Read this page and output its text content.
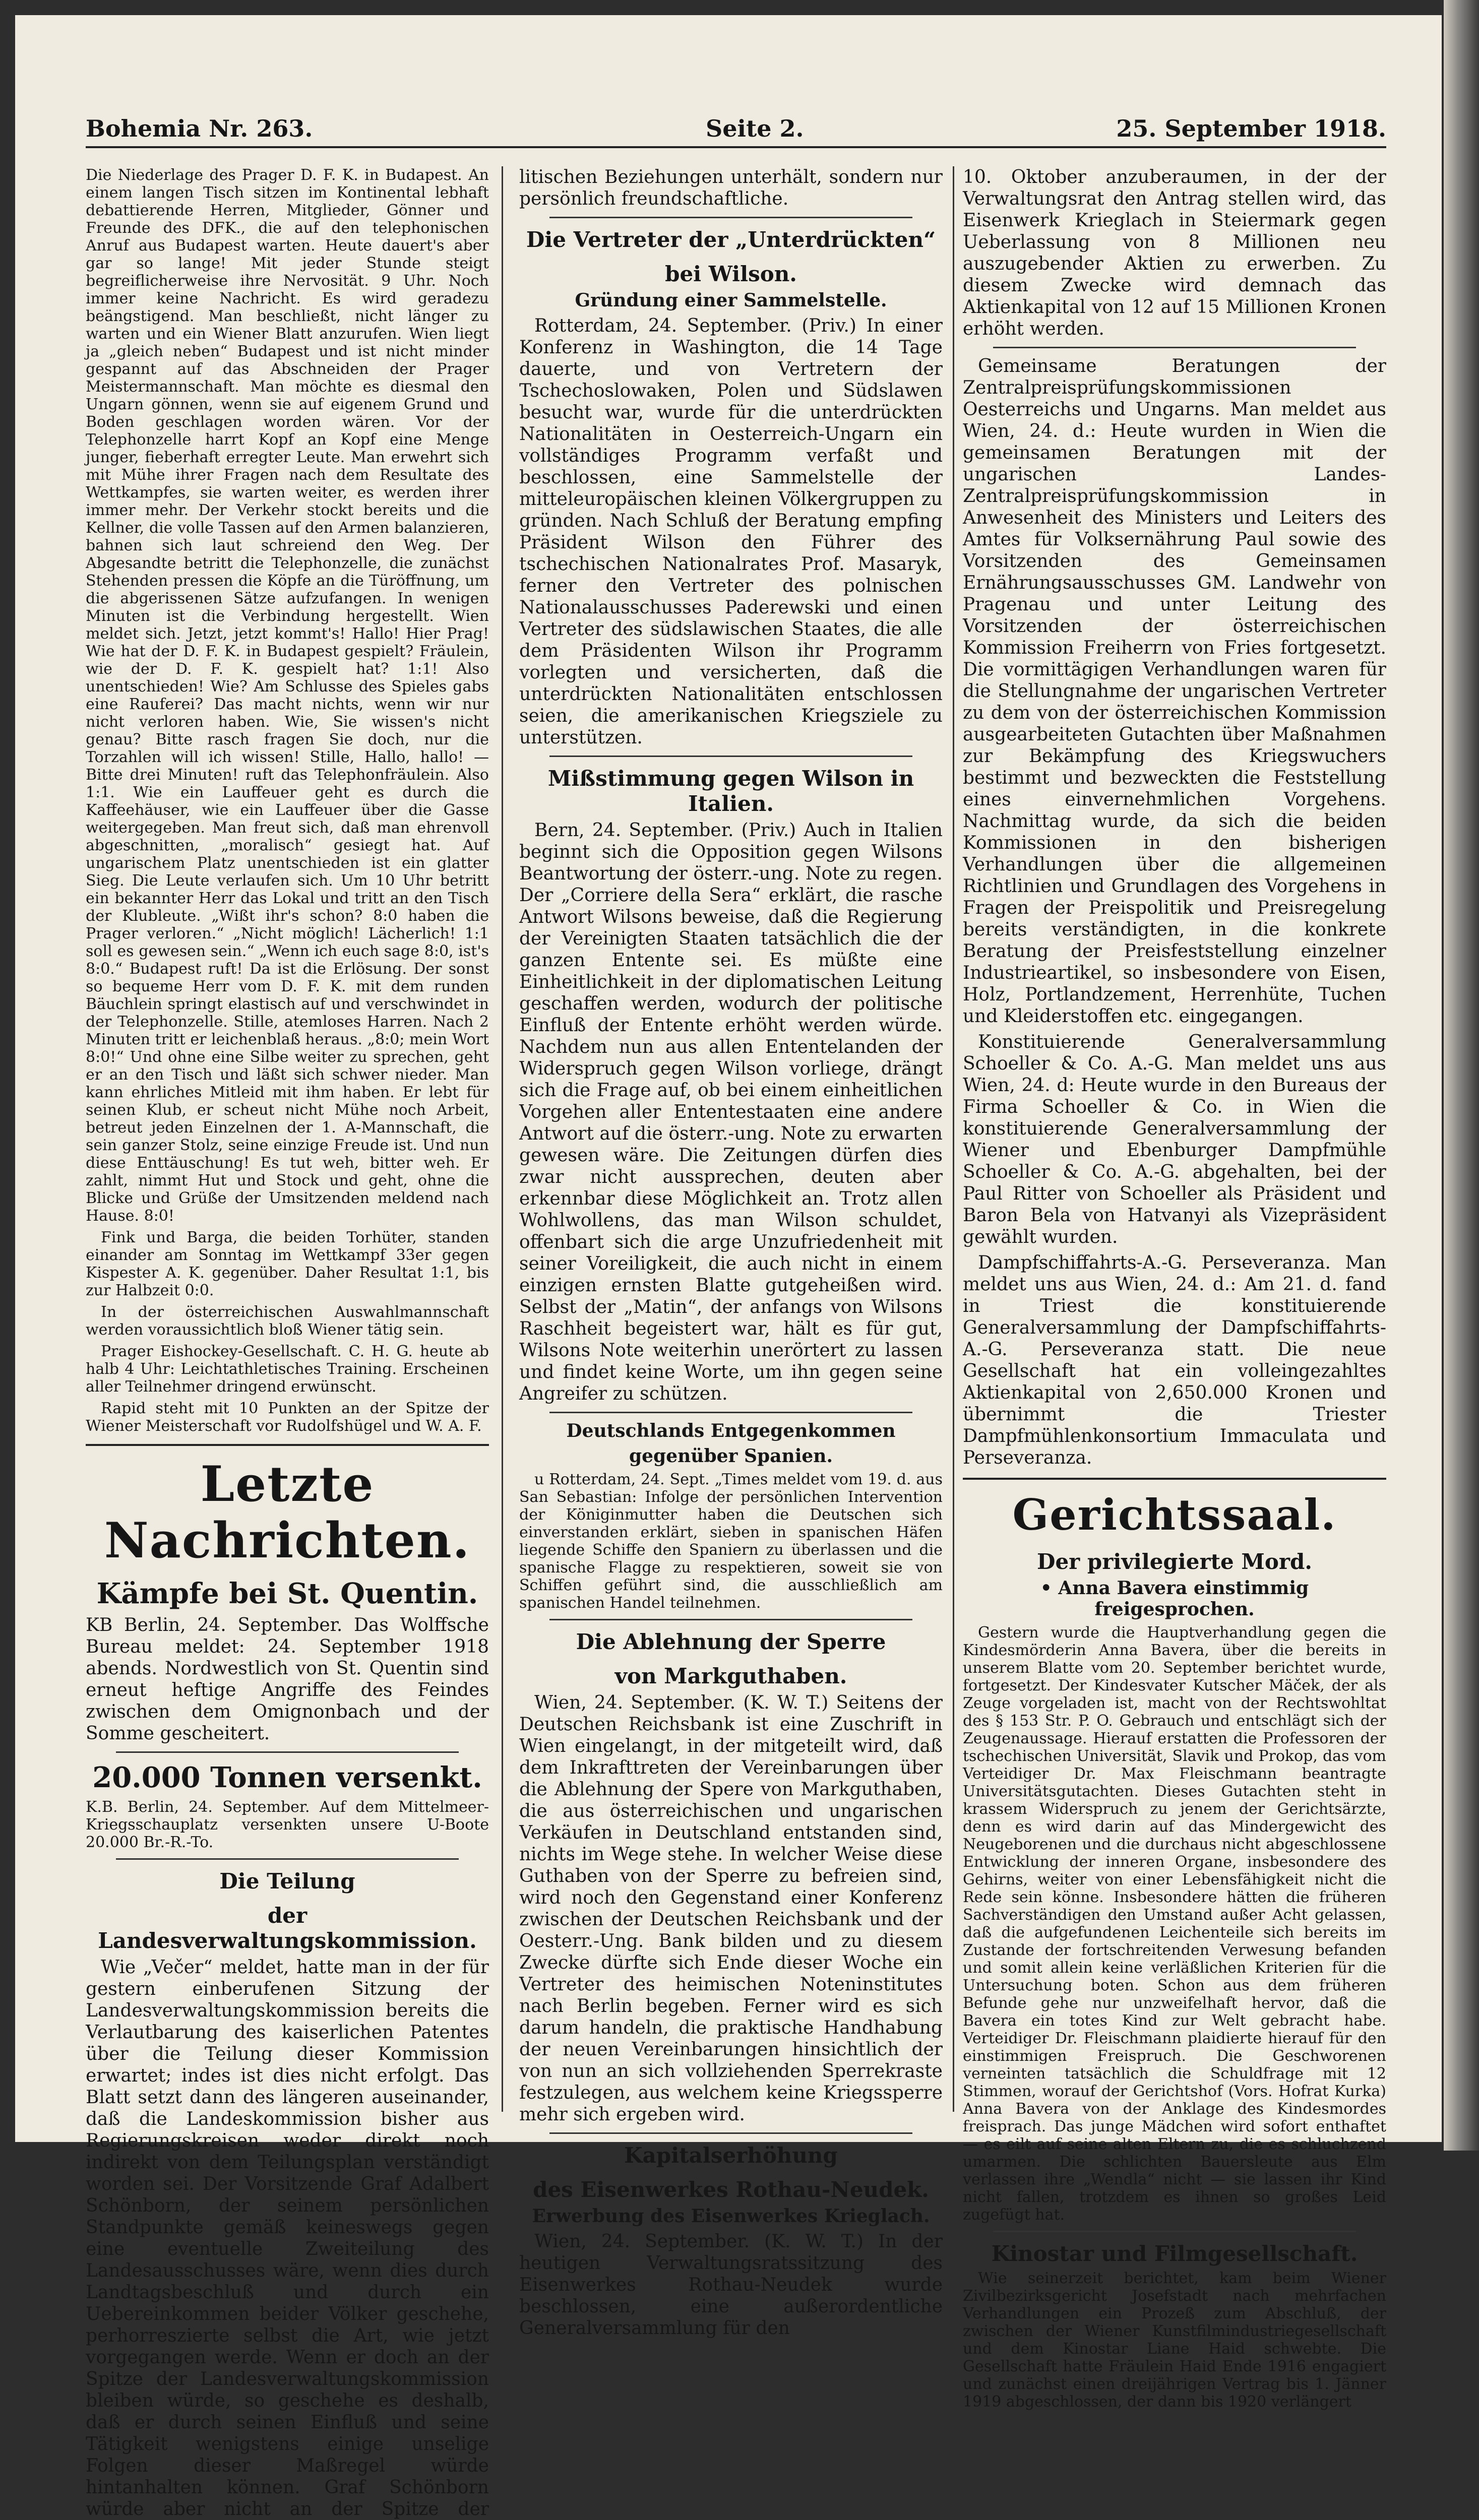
Bohemia Nr. 263.	Seite 2.	25. September 1918.

Die Niederlage des Prager D. F. K. in Budapest. An einem langen Tisch sitzen im Kontinental lebhaft debattierende Herren, Mitglieder, Gönner und Freunde des DFK., die auf den telephonischen Anruf aus Budapest warten. Heute dauert's aber gar so lange! Mit jeder Stunde steigt begreiflicherweise ihre Nervosität. 9 Uhr. Noch immer keine Nachricht. Es wird geradezu beängstigend. Man beschließt, nicht länger zu warten und ein Wiener Blatt anzurufen. Wien liegt ja „gleich neben“ Budapest und ist nicht minder gespannt auf das Abschneiden der Prager Meistermannschaft. Man möchte es diesmal den Ungarn gönnen, wenn sie auf eigenem Grund und Boden geschlagen worden wären. Vor der Telephonzelle harrt Kopf an Kopf eine Menge junger, fieberhaft erregter Leute. Man erwehrt sich mit Mühe ihrer Fragen nach dem Resultate des Wettkampfes, sie warten weiter, es werden ihrer immer mehr. Der Verkehr stockt bereits und die Kellner, die volle Tassen auf den Armen balanzieren, bahnen sich laut schreiend den Weg. Der Abgesandte betritt die Telephonzelle, die zunächst Stehenden pressen die Köpfe an die Türöffnung, um die abgerissenen Sätze aufzufangen. In wenigen Minuten ist die Verbindung hergestellt. Wien meldet sich. Jetzt, jetzt kommt's! Hallo! Hier Prag! Wie hat der D. F. K. in Budapest gespielt? Fräulein, wie der D. F. K. gespielt hat? 1:1! Also unentschieden! Wie? Am Schlusse des Spieles gabs eine Rauferei? Das macht nichts, wenn wir nur nicht verloren haben. Wie, Sie wissen's nicht genau? Bitte rasch fragen Sie doch, nur die Torzahlen will ich wissen! Stille, Hallo, hallo! — Bitte drei Minuten! ruft das Telephonfräulein. Also 1:1. Wie ein Lauffeuer geht es durch die Kaffeehäuser, wie ein Lauffeuer über die Gasse weitergegeben. Man freut sich, daß man ehrenvoll abgeschnitten, „moralisch“ gesiegt hat. Auf ungarischem Platz unentschieden ist ein glatter Sieg. Die Leute verlaufen sich. Um 10 Uhr betritt ein bekannter Herr das Lokal und tritt an den Tisch der Klubleute. „Wißt ihr's schon? 8:0 haben die Prager verloren.“ „Nicht möglich! Lächerlich! 1:1 soll es gewesen sein.“ „Wenn ich euch sage 8:0, ist's 8:0.“ Budapest ruft! Da ist die Erlösung. Der sonst so bequeme Herr vom D. F. K. mit dem runden Bäuchlein springt elastisch auf und verschwindet in der Telephonzelle. Stille, atemloses Harren. Nach 2 Minuten tritt er leichenblaß heraus. „8:0; mein Wort 8:0!“ Und ohne eine Silbe weiter zu sprechen, geht er an den Tisch und läßt sich schwer nieder. Man kann ehrliches Mitleid mit ihm haben. Er lebt für seinen Klub, er scheut nicht Mühe noch Arbeit, betreut jeden Einzelnen der 1. A-Mannschaft, die sein ganzer Stolz, seine einzige Freude ist. Und nun diese Enttäuschung! Es tut weh, bitter weh. Er zahlt, nimmt Hut und Stock und geht, ohne die Blicke und Grüße der Umsitzenden meldend nach Hause. 8:0!

Fink und Barga, die beiden Torhüter, standen einander am Sonntag im Wettkampf 33er gegen Kispester A. K. gegenüber. Daher Resultat 1:1, bis zur Halbzeit 0:0.

In der österreichischen Auswahlmannschaft werden voraussichtlich bloß Wiener tätig sein.

Prager Eishockey-Gesellschaft. C. H. G. heute ab halb 4 Uhr: Leichtathletisches Training. Erscheinen aller Teilnehmer dringend erwünscht.

Rapid steht mit 10 Punkten an der Spitze der Wiener Meisterschaft vor Rudolfshügel und W. A. F.

Letzte Nachrichten.
Kämpfe bei St. Quentin.

KB Berlin, 24. September. Das Wolffsche Bureau meldet: 24. September 1918 abends. Nordwestlich von St. Quentin sind erneut heftige Angriffe des Feindes zwischen dem Omignonbach und der Somme gescheitert.

20.000 Tonnen versenkt.

K.B. Berlin, 24. September. Auf dem Mittelmeer-Kriegsschauplatz versenkten unsere U-Boote 20.000 Br.-R.-To.

Die Teilung
der Landesverwaltungskommission.

Wie „Večer“ meldet, hatte man in der für gestern einberufenen Sitzung der Landesverwaltungskommission bereits die Verlautbarung des kaiserlichen Patentes über die Teilung dieser Kommission erwartet; indes ist dies nicht erfolgt. Das Blatt setzt dann des längeren auseinander, daß die Landeskommission bisher aus Regierungskreisen weder direkt noch indirekt von dem Teilungsplan verständigt worden sei. Der Vorsitzende Graf Adalbert Schönborn, der seinem persönlichen Standpunkte gemäß keineswegs gegen eine eventuelle Zweiteilung des Landesausschusses wäre, wenn dies durch Landtagsbeschluß und durch ein Uebereinkommen beider Völker geschehe, perhorreszierte selbst die Art, wie jetzt vorgegangen werde. Wenn er doch an der Spitze der Landesverwaltungskommission bleiben würde, so geschehe es deshalb, daß er durch seinen Einfluß und seine Tätigkeit wenigstens einige unselige Folgen dieser Maßregel würde hintanhalten können. Graf Schönborn würde aber nicht an der Spitze der

litischen Beziehungen unterhält, sondern nur persönlich freundschaftliche.

Die Vertreter der „Unterdrückten“
bei Wilson.
Gründung einer Sammelstelle.

Rotterdam, 24. September. (Priv.) In einer Konferenz in Washington, die 14 Tage dauerte, und von Vertretern der Tschechoslowaken, Polen und Südslawen besucht war, wurde für die unterdrückten Nationalitäten in Oesterreich-Ungarn ein vollständiges Programm verfaßt und beschlossen, eine Sammelstelle der mitteleuropäischen kleinen Völkergruppen zu gründen. Nach Schluß der Beratung empfing Präsident Wilson den Führer des tschechischen Nationalrates Prof. Masaryk, ferner den Vertreter des polnischen Nationalausschusses Paderewski und einen Vertreter des südslawischen Staates, die alle dem Präsidenten Wilson ihr Programm vorlegten und versicherten, daß die unterdrückten Nationalitäten entschlossen seien, die amerikanischen Kriegsziele zu unterstützen.

Mißstimmung gegen Wilson in Italien.

Bern, 24. September. (Priv.) Auch in Italien beginnt sich die Opposition gegen Wilsons Beantwortung der österr.-ung. Note zu regen. Der „Corriere della Sera“ erklärt, die rasche Antwort Wilsons beweise, daß die Regierung der Vereinigten Staaten tatsächlich die der ganzen Entente sei. Es müßte eine Einheitlichkeit in der diplomatischen Leitung geschaffen werden, wodurch der politische Einfluß der Entente erhöht werden würde. Nachdem nun aus allen Ententelanden der Widerspruch gegen Wilson vorliege, drängt sich die Frage auf, ob bei einem einheitlichen Vorgehen aller Ententestaaten eine andere Antwort auf die österr.-ung. Note zu erwarten gewesen wäre. Die Zeitungen dürfen dies zwar nicht aussprechen, deuten aber erkennbar diese Möglichkeit an. Trotz allen Wohlwollens, das man Wilson schuldet, offenbart sich die arge Unzufriedenheit mit seiner Voreiligkeit, die auch nicht in einem einzigen ernsten Blatte gutgeheißen wird. Selbst der „Matin“, der anfangs von Wilsons Raschheit begeistert war, hält es für gut, Wilsons Note weiterhin unerörtert zu lassen und findet keine Worte, um ihn gegen seine Angreifer zu schützen.

Deutschlands Entgegenkommen
gegenüber Spanien.

u Rotterdam, 24. Sept. „Times meldet vom 19. d. aus San Sebastian: Infolge der persönlichen Intervention der Königinmutter haben die Deutschen sich einverstanden erklärt, sieben in spanischen Häfen liegende Schiffe den Spaniern zu überlassen und die spanische Flagge zu respektieren, soweit sie von Schiffen geführt sind, die ausschließlich am spanischen Handel teilnehmen.

Die Ablehnung der Sperre
von Markguthaben.

Wien, 24. September. (K. W. T.) Seitens der Deutschen Reichsbank ist eine Zuschrift in Wien eingelangt, in der mitgeteilt wird, daß dem Inkrafttreten der Vereinbarungen über die Ablehnung der Spere von Markguthaben, die aus österreichischen und ungarischen Verkäufen in Deutschland entstanden sind, nichts im Wege stehe. In welcher Weise diese Guthaben von der Sperre zu befreien sind, wird noch den Gegenstand einer Konferenz zwischen der Deutschen Reichsbank und der Oesterr.-Ung. Bank bilden und zu diesem Zwecke dürfte sich Ende dieser Woche ein Vertreter des heimischen Noteninstitutes nach Berlin begeben. Ferner wird es sich darum handeln, die praktische Handhabung der neuen Vereinbarungen hinsichtlich der von nun an sich vollziehenden Sperrekraste festzulegen, aus welchem keine Kriegssperre mehr sich ergeben wird.

Kapitalserhöhung
des Eisenwerkes Rothau-Neudek.
Erwerbung des Eisenwerkes Krieglach.

Wien, 24. September. (K. W. T.) In der heutigen Verwaltungsratssitzung des Eisenwerkes Rothau-Neudek wurde beschlossen, eine außerordentliche Generalversammlung für den

10. Oktober anzuberaumen, in der der Verwaltungsrat den Antrag stellen wird, das Eisenwerk Krieglach in Steiermark gegen Ueberlassung von 8 Millionen neu auszugebender Aktien zu erwerben. Zu diesem Zwecke wird demnach das Aktienkapital von 12 auf 15 Millionen Kronen erhöht werden.

Gemeinsame Beratungen der Zentralpreisprüfungskommissionen Oesterreichs und Ungarns. Man meldet aus Wien, 24. d.: Heute wurden in Wien die gemeinsamen Beratungen mit der ungarischen Landes-Zentralpreisprüfungskommission in Anwesenheit des Ministers und Leiters des Amtes für Volksernährung Paul sowie des Vorsitzenden des Gemeinsamen Ernährungsausschusses GM. Landwehr von Pragenau und unter Leitung des Vorsitzenden der österreichischen Kommission Freiherrn von Fries fortgesetzt. Die vormittägigen Verhandlungen waren für die Stellungnahme der ungarischen Vertreter zu dem von der österreichischen Kommission ausgearbeiteten Gutachten über Maßnahmen zur Bekämpfung des Kriegswuchers bestimmt und bezweckten die Feststellung eines einvernehmlichen Vorgehens. Nachmittag wurde, da sich die beiden Kommissionen in den bisherigen Verhandlungen über die allgemeinen Richtlinien und Grundlagen des Vorgehens in Fragen der Preispolitik und Preisregelung bereits verständigten, in die konkrete Beratung der Preisfeststellung einzelner Industrieartikel, so insbesondere von Eisen, Holz, Portlandzement, Herrenhüte, Tuchen und Kleiderstoffen etc. eingegangen.

Konstituierende Generalversammlung Schoeller & Co. A.-G. Man meldet uns aus Wien, 24. d: Heute wurde in den Bureaus der Firma Schoeller & Co. in Wien die konstituierende Generalversammlung der Wiener und Ebenburger Dampfmühle Schoeller & Co. A.-G. abgehalten, bei der Paul Ritter von Schoeller als Präsident und Baron Bela von Hatvanyi als Vizepräsident gewählt wurden.

Dampfschiffahrts-A.-G. Perseveranza. Man meldet uns aus Wien, 24. d.: Am 21. d. fand in Triest die konstituierende Generalversammlung der Dampfschiffahrts-A.-G. Perseveranza statt. Die neue Gesellschaft hat ein volleingezahltes Aktienkapital von 2,650.000 Kronen und übernimmt die Triester Dampfmühlenkonsortium Immaculata und Perseveranza.

Gerichtssaal.
Der privilegierte Mord.
• Anna Bavera einstimmig freigesprochen.

Gestern wurde die Hauptverhandlung gegen die Kindesmörderin Anna Bavera, über die bereits in unserem Blatte vom 20. September berichtet wurde, fortgesetzt. Der Kindesvater Kutscher Mäček, der als Zeuge vorgeladen ist, macht von der Rechtswohltat des § 153 Str. P. O. Gebrauch und entschlägt sich der Zeugenaussage. Hierauf erstatten die Professoren der tschechischen Universität, Slavik und Prokop, das vom Verteidiger Dr. Max Fleischmann beantragte Universitätsgutachten. Dieses Gutachten steht in krassem Widerspruch zu jenem der Gerichtsärzte, denn es wird darin auf das Mindergewicht des Neugeborenen und die durchaus nicht abgeschlossene Entwicklung der inneren Organe, insbesondere des Gehirns, weiter von einer Lebensfähigkeit nicht die Rede sein könne. Insbesondere hätten die früheren Sachverständigen den Umstand außer Acht gelassen, daß die aufgefundenen Leichenteile sich bereits im Zustande der fortschreitenden Verwesung befanden und somit allein keine verläßlichen Kriterien für die Untersuchung boten. Schon aus dem früheren Befunde gehe nur unzweifelhaft hervor, daß die Bavera ein totes Kind zur Welt gebracht habe. Verteidiger Dr. Fleischmann plaidierte hierauf für den einstimmigen Freispruch. Die Geschworenen verneinten tatsächlich die Schuldfrage mit 12 Stimmen, worauf der Gerichtshof (Vors. Hofrat Kurka) Anna Bavera von der Anklage des Kindesmordes freisprach. Das junge Mädchen wird sofort enthaftet — es eilt auf seine alten Eltern zu, die es schluchzend umarmen. Die schlichten Bauersleute aus Elm verlassen ihre „Wendla“ nicht — sie lassen ihr Kind nicht fallen, trotzdem es ihnen so großes Leid zugefügt hat.

Kinostar und Filmgesellschaft.

Wie seinerzeit berichtet, kam beim Wiener Zivilbezirksgericht Josefstadt nach mehrfachen Verhandlungen ein Prozeß zum Abschluß, der zwischen der Wiener Kunstfilmindustriegesellschaft und dem Kinostar Liane Haid schwebte. Die Gesellschaft hatte Fräulein Haid Ende 1916 engagiert und zunächst einen dreijährigen Vertrag bis 1. Jänner 1919 abgeschlossen, der dann bis 1920 verlängert
